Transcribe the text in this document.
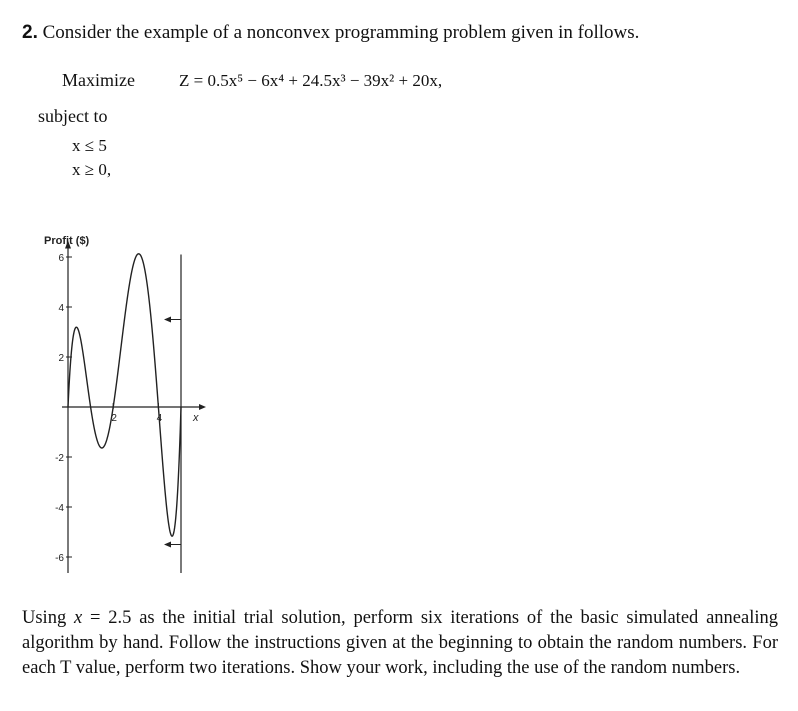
2. Consider the example of a nonconvex programming problem given in follows.
Maximize	Z = 0.5x⁵ − 6x⁴ + 24.5x³ − 39x² + 20x,
subject to
x ≤ 5
x ≥ 0,
Profit ($)
x
6
4
2
-2
-4
-6
2	4
Using x = 2.5 as the initial trial solution, perform six iterations of the basic simulated annealing algorithm by hand. Follow the instructions given at the beginning to obtain the random numbers. For each T value, perform two iterations. Show your work, including the use of the random numbers.
